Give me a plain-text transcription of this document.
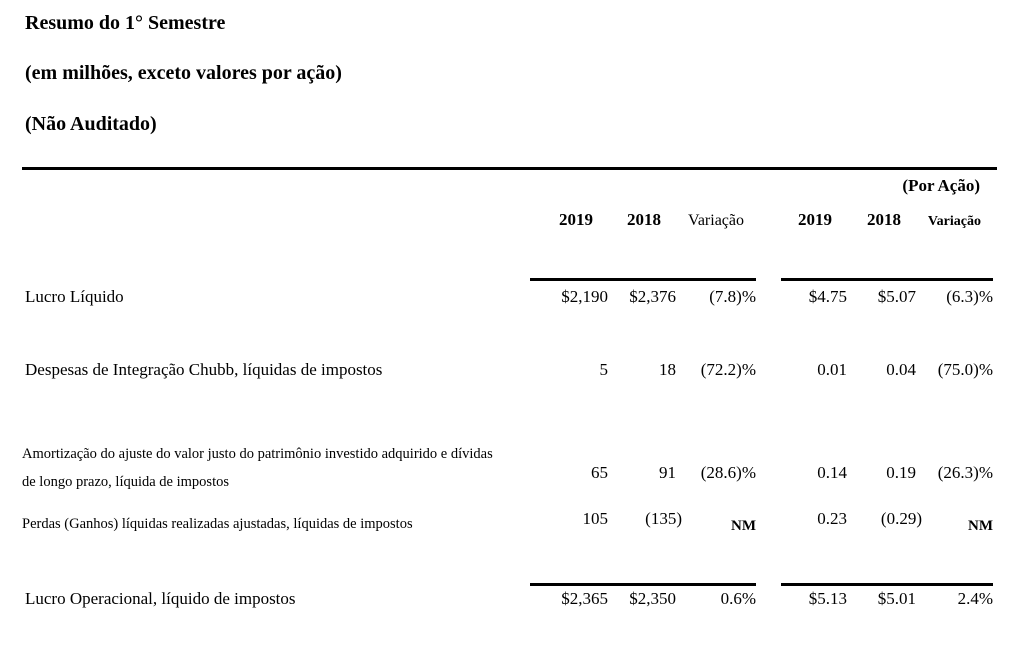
Resumo do 1° Semestre
(em milhões, exceto valores por ação)
(Não Auditado)
(Por Ação)
2019	2018	Variação	2019	2018	Variação
Lucro Líquido	$2,190	$2,376	(7.8)%	$4.75	$5.07	(6.3)%
Despesas de Integração Chubb, líquidas de impostos	5	18	(72.2)%	0.01	0.04	(75.0)%
Amortização do ajuste do valor justo do patrimônio investido adquirido e dívidas
de longo prazo, líquida de impostos	65	91	(28.6)%	0.14	0.19	(26.3)%
Perdas (Ganhos) líquidas realizadas ajustadas, líquidas de impostos	105	(135)	NM	0.23	(0.29)	NM
Lucro Operacional, líquido de impostos	$2,365	$2,350	0.6%	$5.13	$5.01	2.4%
